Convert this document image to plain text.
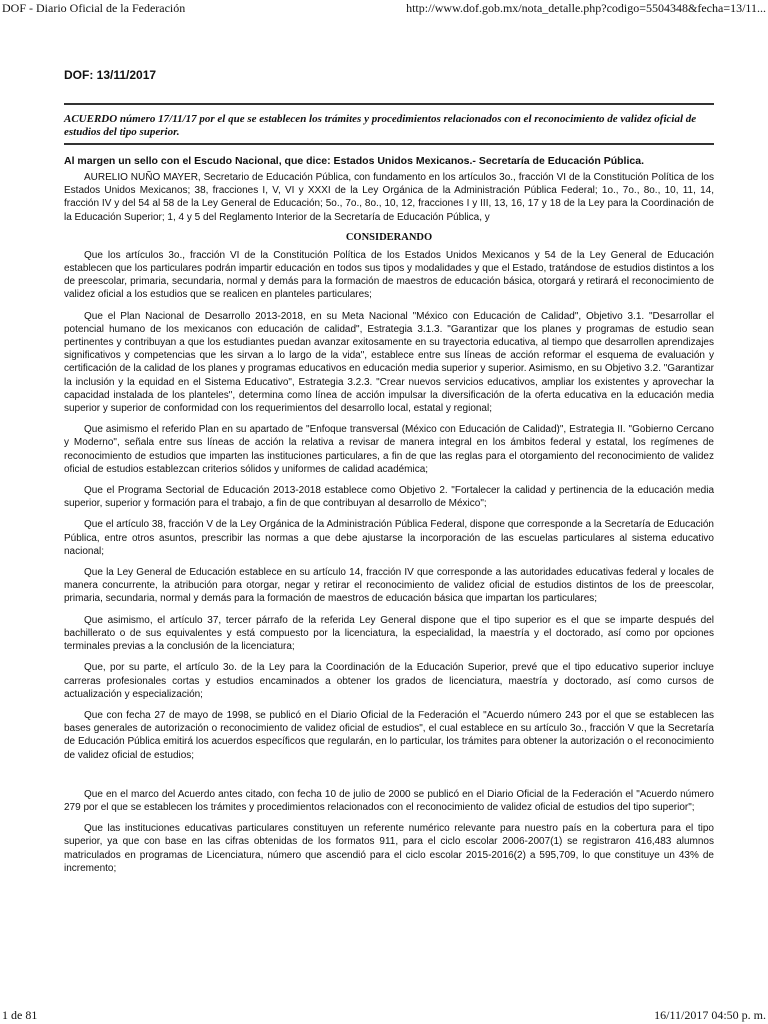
DOF - Diario Oficial de la Federación	http://www.dof.gob.mx/nota_detalle.php?codigo=5504348&fecha=13/11...
DOF: 13/11/2017

ACUERDO número 17/11/17 por el que se establecen los trámites y procedimientos relacionados con el reconocimiento de validez oficial de estudios del tipo superior.

Al margen un sello con el Escudo Nacional, que dice: Estados Unidos Mexicanos.- Secretaría de Educación Pública.

AURELIO NUÑO MAYER, Secretario de Educación Pública, con fundamento en los artículos 3o., fracción VI de la Constitución Política de los Estados Unidos Mexicanos; 38, fracciones I, V, VI y XXXI de la Ley Orgánica de la Administración Pública Federal; 1o., 7o., 8o., 10, 11, 14, fracción IV y del 54 al 58 de la Ley General de Educación; 5o., 7o., 8o., 10, 12, fracciones I y III, 13, 16, 17 y 18 de la Ley para la Coordinación de la Educación Superior; 1, 4 y 5 del Reglamento Interior de la Secretaría de Educación Pública, y

CONSIDERANDO

Que los artículos 3o., fracción VI de la Constitución Política de los Estados Unidos Mexicanos y 54 de la Ley General de Educación establecen que los particulares podrán impartir educación en todos sus tipos y modalidades y que el Estado, tratándose de estudios distintos a los de preescolar, primaria, secundaria, normal y demás para la formación de maestros de educación básica, otorgará y retirará el reconocimiento de validez oficial a los estudios que se realicen en planteles particulares;

Que el Plan Nacional de Desarrollo 2013-2018, en su Meta Nacional "México con Educación de Calidad", Objetivo 3.1. "Desarrollar el potencial humano de los mexicanos con educación de calidad", Estrategia 3.1.3. "Garantizar que los planes y programas de estudio sean pertinentes y contribuyan a que los estudiantes puedan avanzar exitosamente en su trayectoria educativa, al tiempo que desarrollen aprendizajes significativos y competencias que les sirvan a lo largo de la vida", establece entre sus líneas de acción reformar el esquema de evaluación y certificación de la calidad de los planes y programas educativos en educación media superior y superior. Asimismo, en su Objetivo 3.2. "Garantizar la inclusión y la equidad en el Sistema Educativo", Estrategia 3.2.3. "Crear nuevos servicios educativos, ampliar los existentes y aprovechar la capacidad instalada de los planteles", determina como línea de acción impulsar la diversificación de la oferta educativa en la educación media superior y superior de conformidad con los requerimientos del desarrollo local, estatal y regional;

Que asimismo el referido Plan en su apartado de "Enfoque transversal (México con Educación de Calidad)", Estrategia II. "Gobierno Cercano y Moderno", señala entre sus líneas de acción la relativa a revisar de manera integral en los ámbitos federal y estatal, los regímenes de reconocimiento de estudios que imparten las instituciones particulares, a fin de que las reglas para el otorgamiento del reconocimiento de validez oficial de estudios establezcan criterios sólidos y uniformes de calidad académica;

Que el Programa Sectorial de Educación 2013-2018 establece como Objetivo 2. "Fortalecer la calidad y pertinencia de la educación media superior, superior y formación para el trabajo, a fin de que contribuyan al desarrollo de México";

Que el artículo 38, fracción V de la Ley Orgánica de la Administración Pública Federal, dispone que corresponde a la Secretaría de Educación Pública, entre otros asuntos, prescribir las normas a que debe ajustarse la incorporación de las escuelas particulares al sistema educativo nacional;

Que la Ley General de Educación establece en su artículo 14, fracción IV que corresponde a las autoridades educativas federal y locales de manera concurrente, la atribución para otorgar, negar y retirar el reconocimiento de validez oficial de estudios distintos de los de preescolar, primaria, secundaria, normal y demás para la formación de maestros de educación básica que impartan los particulares;

Que asimismo, el artículo 37, tercer párrafo de la referida Ley General dispone que el tipo superior es el que se imparte después del bachillerato o de sus equivalentes y está compuesto por la licenciatura, la especialidad, la maestría y el doctorado, así como por opciones terminales previas a la conclusión de la licenciatura;

Que, por su parte, el artículo 3o. de la Ley para la Coordinación de la Educación Superior, prevé que el tipo educativo superior incluye carreras profesionales cortas y estudios encaminados a obtener los grados de licenciatura, maestría y doctorado, así como cursos de actualización y especialización;

Que con fecha 27 de mayo de 1998, se publicó en el Diario Oficial de la Federación el "Acuerdo número 243 por el que se establecen las bases generales de autorización o reconocimiento de validez oficial de estudios", el cual establece en su artículo 3o., fracción V que la Secretaría de Educación Pública emitirá los acuerdos específicos que regularán, en lo particular, los trámites para obtener la autorización o el reconocimiento de validez oficial de estudios;

Que en el marco del Acuerdo antes citado, con fecha 10 de julio de 2000 se publicó en el Diario Oficial de la Federación el "Acuerdo número 279 por el que se establecen los trámites y procedimientos relacionados con el reconocimiento de validez oficial de estudios del tipo superior";

Que las instituciones educativas particulares constituyen un referente numérico relevante para nuestro país en la cobertura para el tipo superior, ya que con base en las cifras obtenidas de los formatos 911, para el ciclo escolar 2006-2007(1) se registraron 416,483 alumnos matriculados en programas de Licenciatura, número que ascendió para el ciclo escolar 2015-2016(2) a 595,709, lo que constituye un 43% de incremento;

1 de 81	16/11/2017 04:50 p. m.
